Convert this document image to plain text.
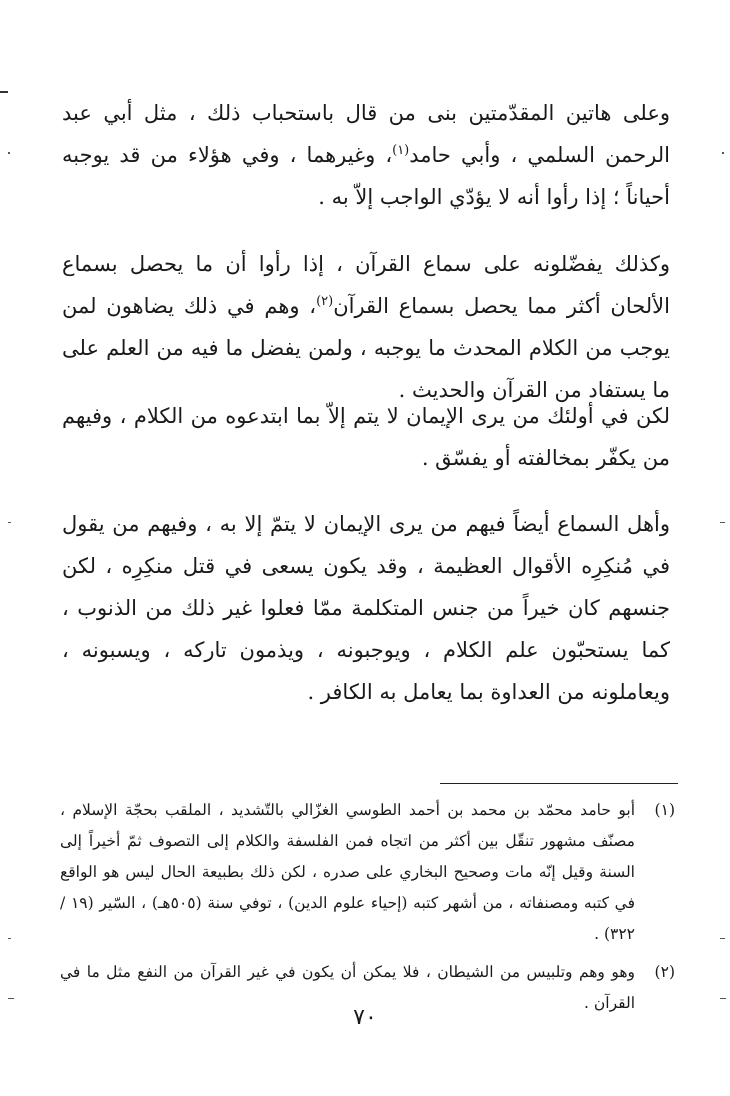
وعلى هاتين المقدّمتين بنى من قال باستحباب ذلك ، مثل أبي عبد الرحمن السلمي ، وأبي حامد$^{(١)}$، وغيرهما ، وفي هؤلاء من قد يوجبه أحياناً ؛ إذا رأوا أنه لا يؤدّي الواجب إلاّ به .

وكذلك يفضّلونه على سماع القرآن ، إذا رأوا أن ما يحصل بسماع الألحان أكثر مما يحصل بسماع القرآن$^{(٢)}$، وهم في ذلك يضاهون لمن يوجب من الكلام المحدث ما يوجبه ، ولمن يفضل ما فيه من العلم على ما يستفاد من القرآن والحديث .

لكن في أولئك من يرى الإيمان لا يتم إلاّ بما ابتدعوه من الكلام ، وفيهم من يكفّر بمخالفته أو يفسّق .

وأهل السماع أيضاً فيهم من يرى الإيمان لا يتمّ إلا به ، وفيهم من يقول في مُنكِرِه الأقوال العظيمة ، وقد يكون يسعى في قتل منكِرِه ، لكن جنسهم كان خيراً من جنس المتكلمة ممّا فعلوا غير ذلك من الذنوب ، كما يستحبّون علم الكلام ، ويوجبونه ، ويذمون تاركه ، ويسبونه ، ويعاملونه من العداوة بما يعامل به الكافر .

(١)
أبو حامد محمّد بن محمد بن أحمد الطوسي الغزّالي بالتّشديد ، الملقب بحجّة الإسلام ، مصنّف مشهور تنقّل بين أكثر من اتجاه فمن الفلسفة والكلام إلى التصوف ثمّ أخيراً إلى السنة وقيل إنّه مات وصحيح البخاري على صدره ، لكن ذلك بطبيعة الحال ليس هو الواقع في كتبه ومصنفاته ، من أشهر كتبه (إحياء علوم الدين) ، توفي سنة (٥٠٥هـ) ، السّير (١٩ / ٣٢٢) .
(٢)
وهو وهم وتلبيس من الشيطان ، فلا يمكن أن يكون في غير القرآن من النفع مثل ما في القرآن .
٧٠
